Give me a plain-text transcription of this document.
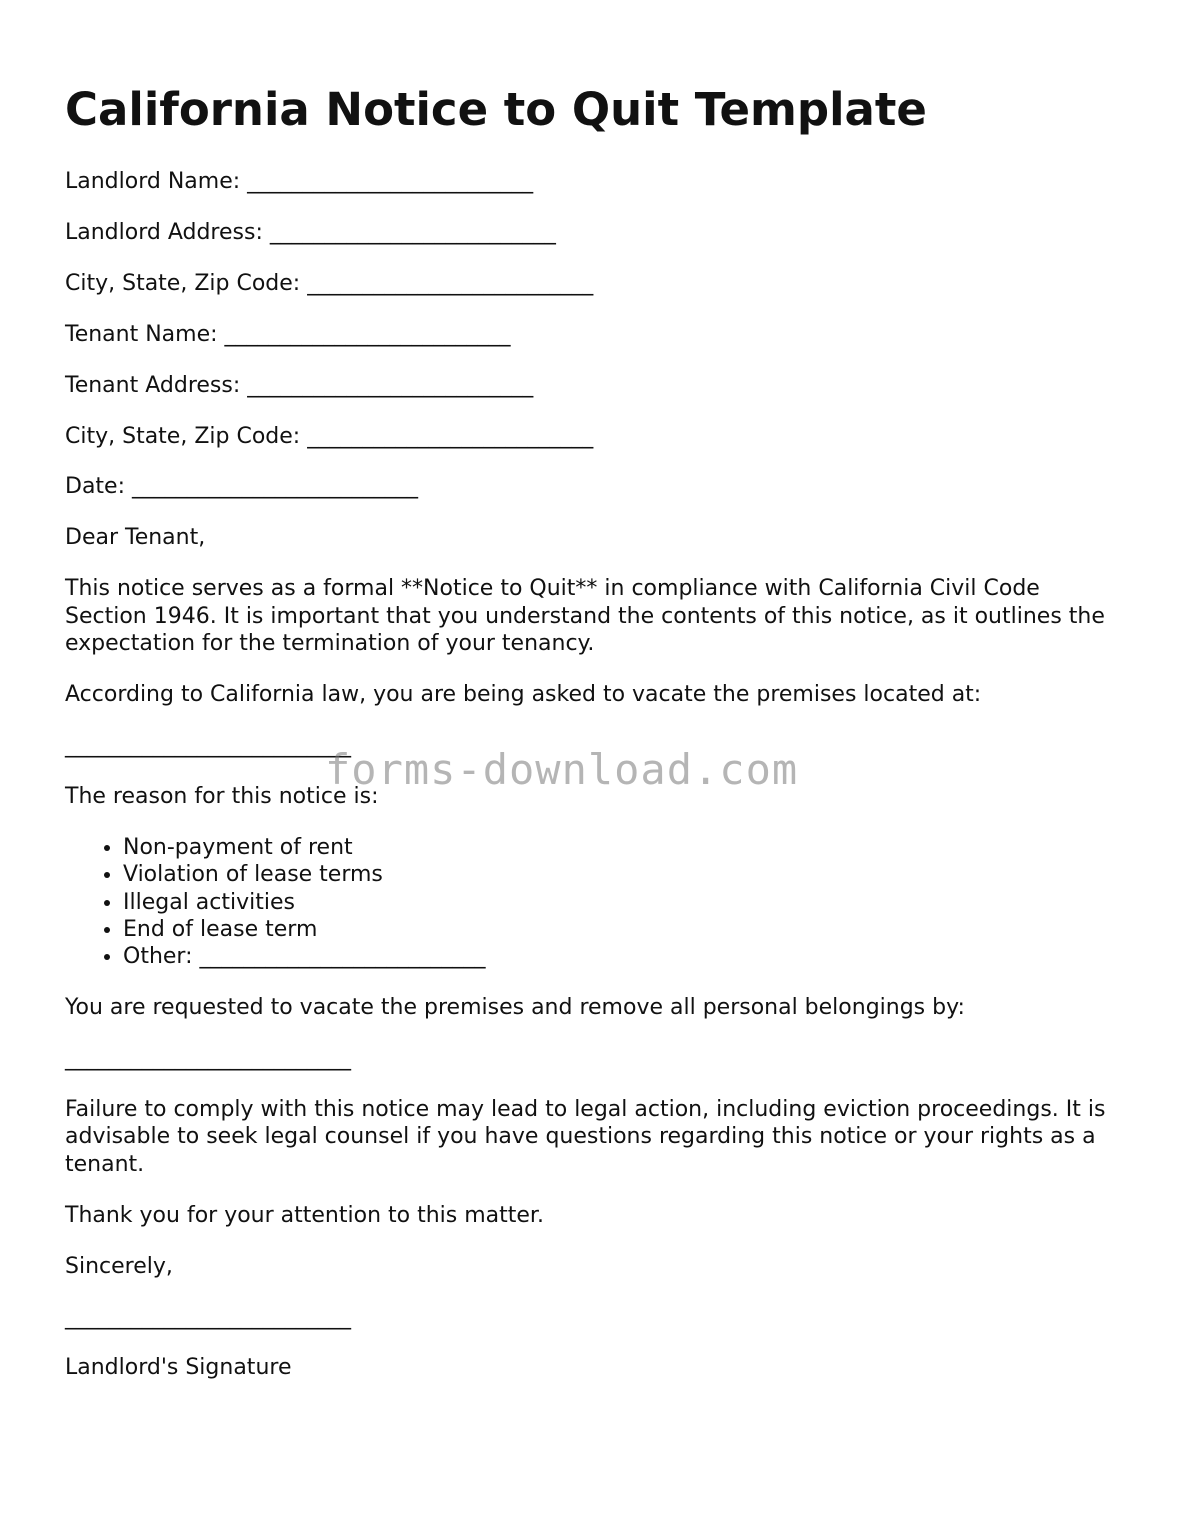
California Notice to Quit Template

Landlord Name: __________________________

Landlord Address: __________________________

City, State, Zip Code: __________________________

Tenant Name: __________________________

Tenant Address: __________________________

City, State, Zip Code: __________________________

Date: __________________________

Dear Tenant,

This notice serves as a formal **Notice to Quit** in compliance with California Civil Code Section 1946. It is important that you understand the contents of this notice, as it outlines the expectation for the termination of your tenancy.

According to California law, you are being asked to vacate the premises located at:

__________________________

The reason for this notice is:

• Non-payment of rent
• Violation of lease terms
• Illegal activities
• End of lease term
• Other: __________________________

You are requested to vacate the premises and remove all personal belongings by:

__________________________

Failure to comply with this notice may lead to legal action, including eviction proceedings. It is advisable to seek legal counsel if you have questions regarding this notice or your rights as a tenant.

Thank you for your attention to this matter.

Sincerely,

__________________________

Landlord's Signature

forms-download.com
